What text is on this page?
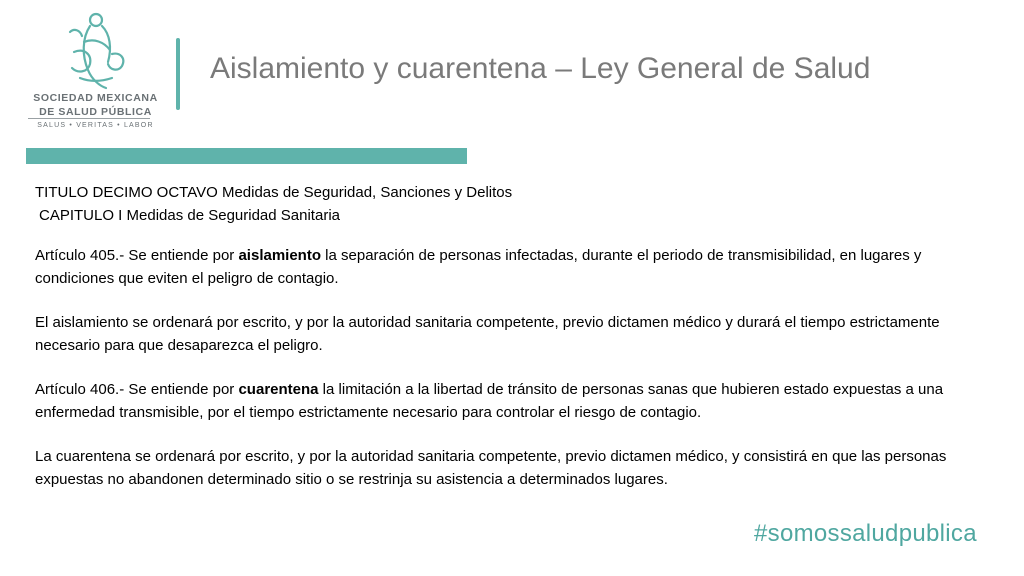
SOCIEDAD MEXICANA
DE SALUD PÚBLICA
SALUS • VERITAS • LABOR
Aislamiento y cuarentena – Ley General de Salud

TITULO DECIMO OCTAVO Medidas de Seguridad, Sanciones y Delitos

CAPITULO I Medidas de Seguridad Sanitaria

Artículo 405.- Se entiende por aislamiento la separación de personas infectadas, durante el periodo de transmisibilidad, en lugares y condiciones que eviten el peligro de contagio.

El aislamiento se ordenará por escrito, y por la autoridad sanitaria competente, previo dictamen médico y durará el tiempo estrictamente necesario para que desaparezca el peligro.

Artículo 406.- Se entiende por cuarentena la limitación a la libertad de tránsito de personas sanas que hubieren estado expuestas a una enfermedad transmisible, por el tiempo estrictamente necesario para controlar el riesgo de contagio.

La cuarentena se ordenará por escrito, y por la autoridad sanitaria competente, previo dictamen médico, y consistirá en que las personas expuestas no abandonen determinado sitio o se restrinja su asistencia a determinados lugares.

#somossaludpublica
